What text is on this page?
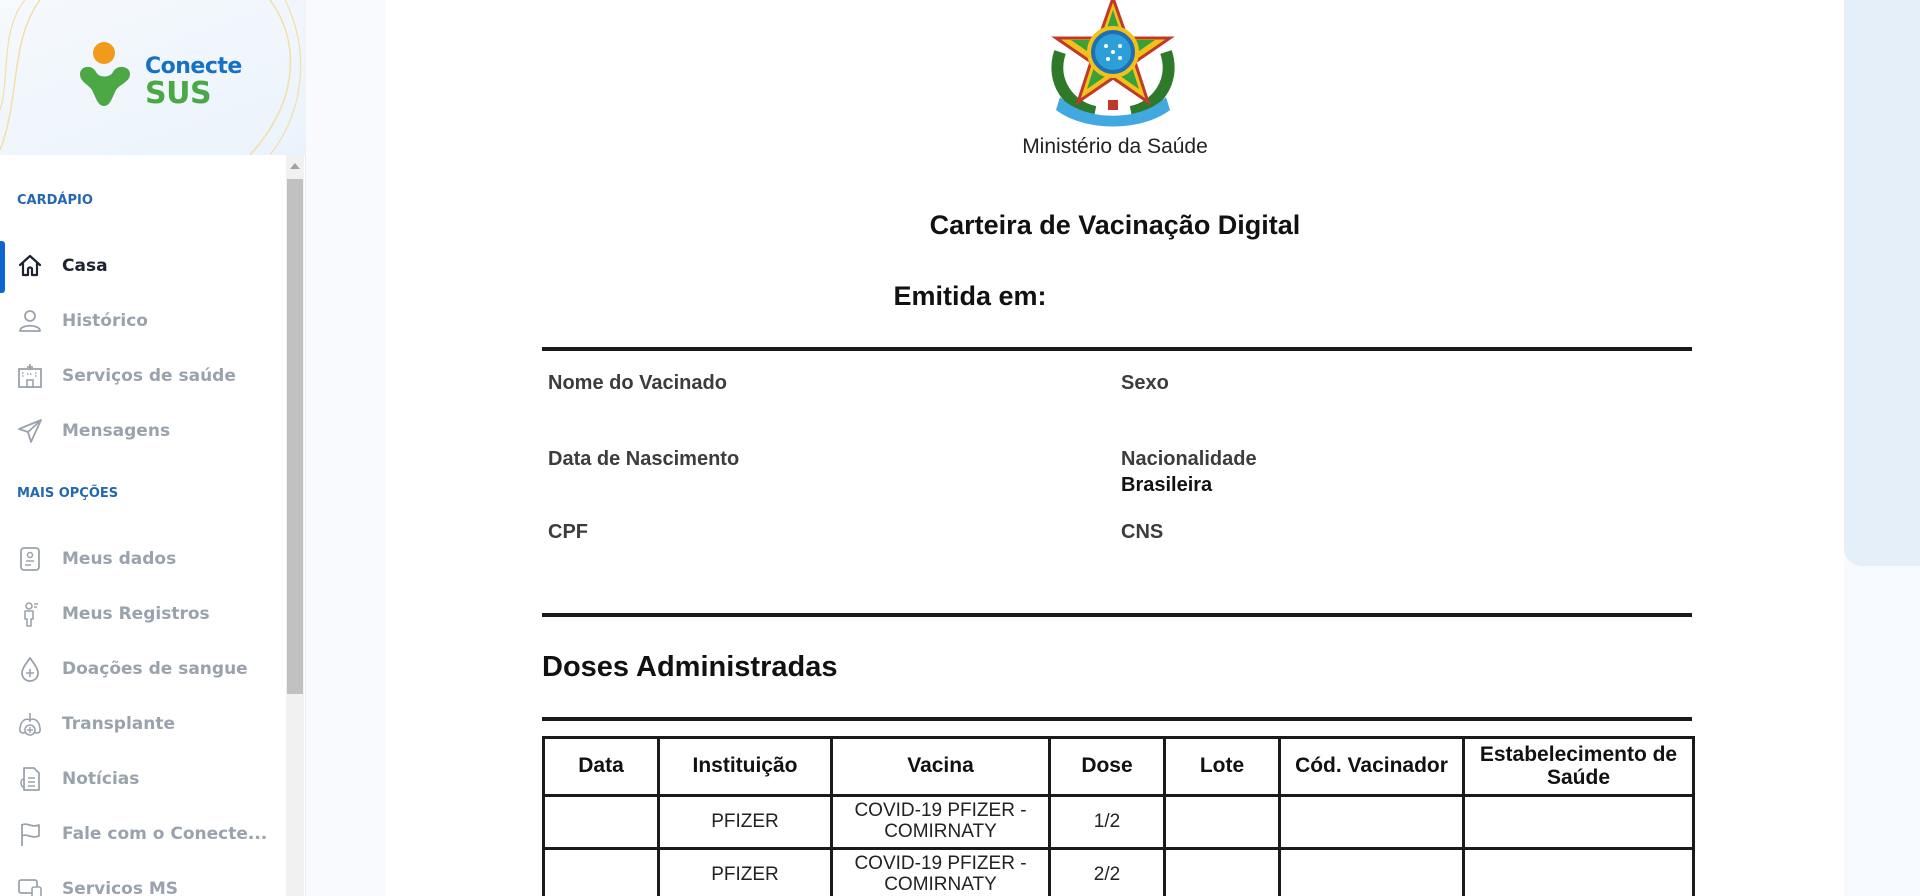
Conecte
SUS
CARDÁPIO
Casa
Histórico
Serviços de saúde
Mensagens
MAIS OPÇÕES
Meus dados
Meus Registros
Doações de sangue
Transplante
Notícias
Fale com o Conecte...
Servicos MS
Ministério da Saúde
Carteira de Vacinação Digital
Emitida em:
Nome do Vacinado	Sexo
Data de Nascimento	Nacionalidade
Brasileira
CPF	CNS
Doses Administradas
Data	Instituição	Vacina	Dose	Lote	Cód. Vacinador	Estabelecimento de Saúde
	PFIZER	COVID-19 PFIZER - COMIRNATY	1/2			
	PFIZER	COVID-19 PFIZER - COMIRNATY	2/2			
